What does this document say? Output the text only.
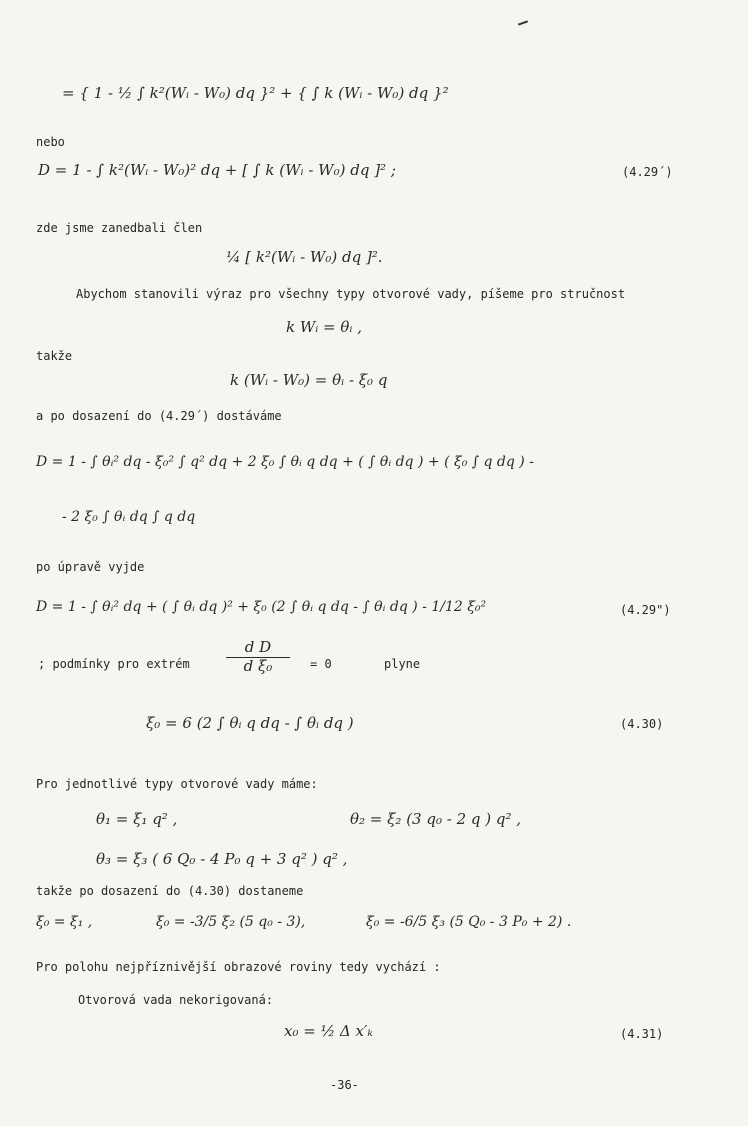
= { 1 - ½ ∫ k²(Wᵢ - W₀) dq }² + { ∫ k (Wᵢ - W₀) dq }²
nebo
D = 1 - ∫ k²(Wᵢ - W₀)² dq + [ ∫ k (Wᵢ - W₀) dq ]² ;	(4.29´)
zde jsme zanedbali člen
¼ [ k²(Wᵢ - W₀) dq ]².
Abychom stanovili výraz pro všechny typy otvorové vady, píšeme pro stručnost
k Wᵢ = θᵢ ,
takže
k (Wᵢ - W₀) = θᵢ - ξ₀ q
a po dosazení do (4.29´) dostáváme
D = 1 - ∫ θᵢ² dq - ξ₀² ∫ q² dq + 2 ξ₀ ∫ θᵢ q dq + ( ∫ θᵢ dq ) + ( ξ₀ ∫ q dq ) -
- 2 ξ₀ ∫ θᵢ dq ∫ q dq
po úpravě vyjde
D = 1 - ∫ θᵢ² dq + ( ∫ θᵢ dq )² + ξ₀ (2 ∫ θᵢ q dq - ∫ θᵢ dq ) - 1/12 ξ₀²	(4.29")
; podmínky pro extrém
d D
d ξ₀	= 0	plyne
ξ₀ = 6 (2 ∫ θᵢ q dq - ∫ θᵢ dq )	(4.30)
Pro jednotlivé typy otvorové vady máme:
θ₁ = ξ₁ q² ,	θ₂ = ξ₂ (3 q₀ - 2 q ) q² ,
θ₃ = ξ₃ ( 6 Q₀ - 4 P₀ q + 3 q² ) q² ,
takže po dosazení do (4.30) dostaneme
ξ₀ = ξ₁ ,	ξ₀ = -3/5 ξ₂ (5 q₀ - 3),	ξ₀ = -6/5 ξ₃ (5 Q₀ - 3 P₀ + 2) .
Pro polohu nejpříznivější obrazové roviny tedy vychází :
Otvorová vada nekorigovaná:
x₀ = ½ Δ x′ₖ	(4.31)
-36-
